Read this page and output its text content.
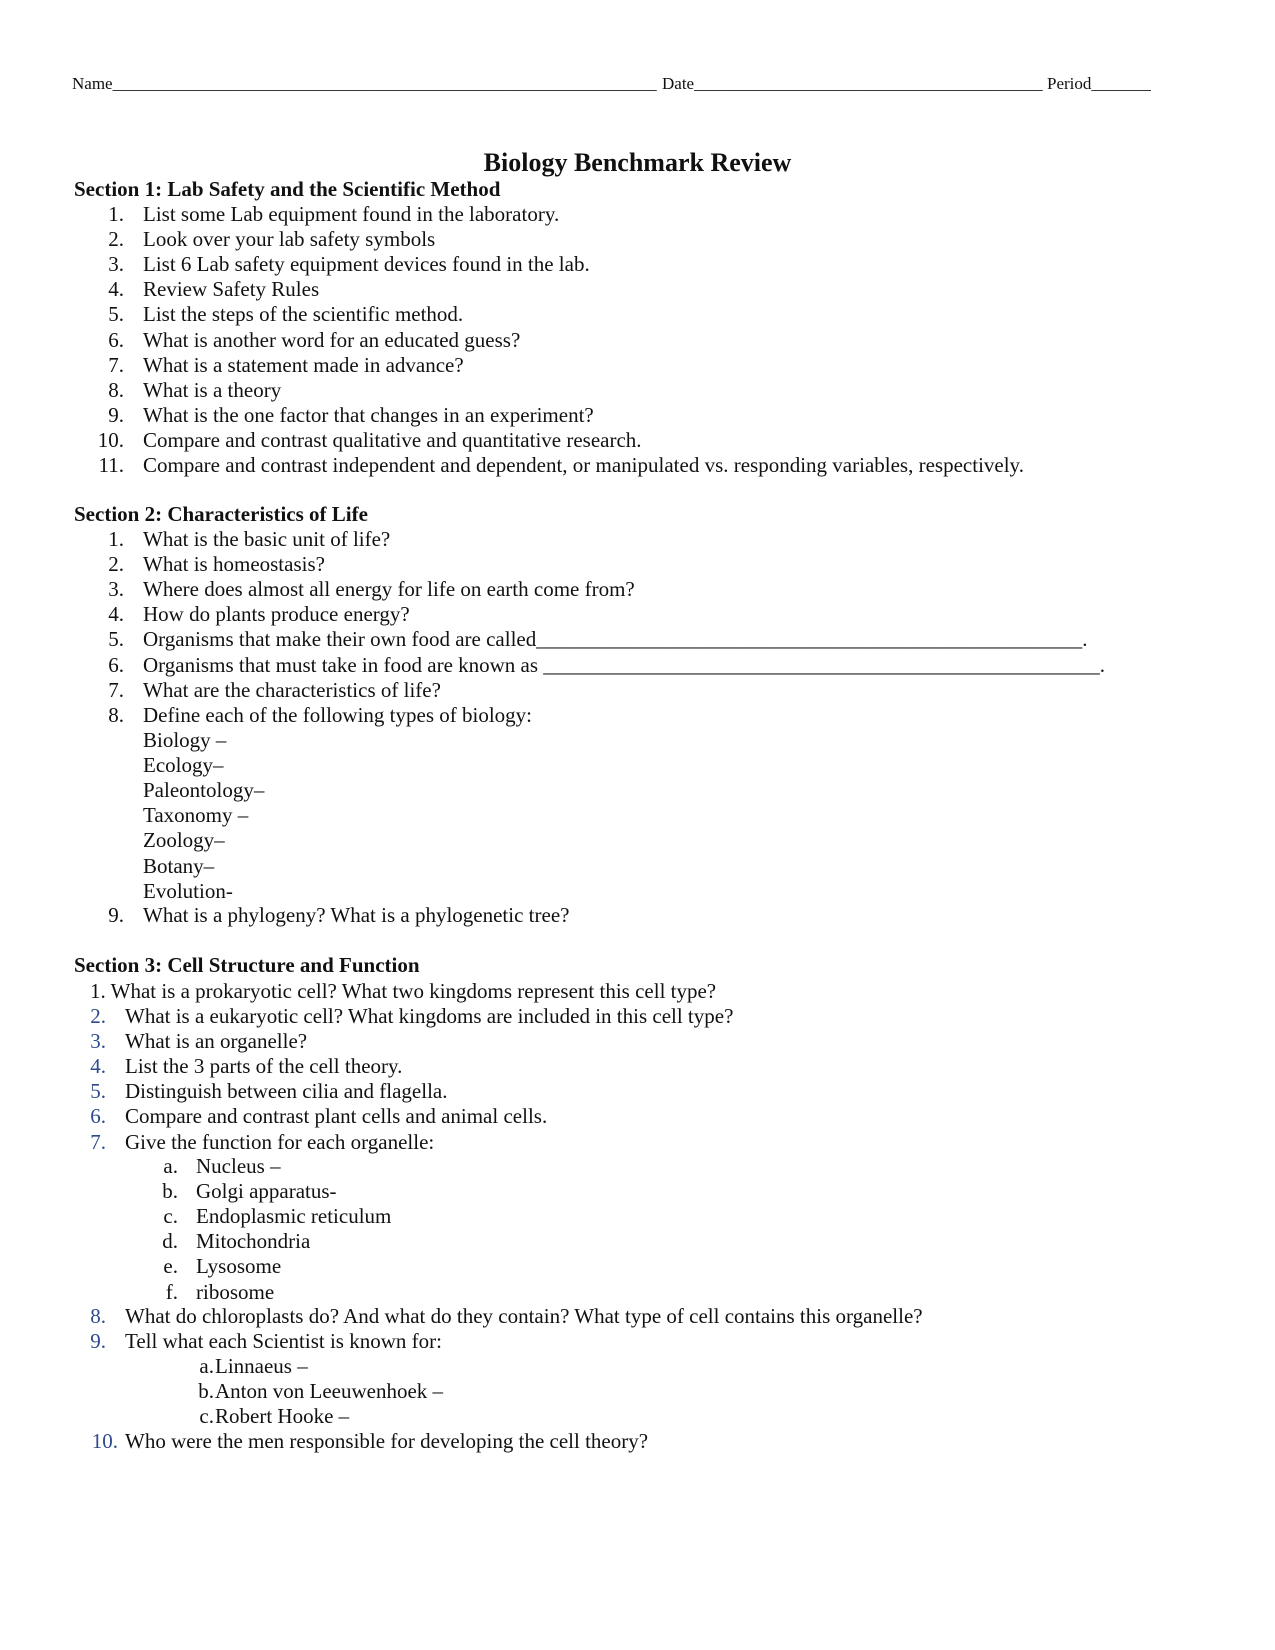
Name________________________________________________________________ Date_________________________________________ Period_______
Biology Benchmark Review
Section 1: Lab Safety and the Scientific Method
1. List some Lab equipment found in the laboratory.
2. Look over your lab safety symbols
3. List 6 Lab safety equipment devices found in the lab.
4. Review Safety Rules
5. List the steps of the scientific method.
6. What is another word for an educated guess?
7. What is a statement made in advance?
8. What is a theory
9. What is the one factor that changes in an experiment?
10. Compare and contrast qualitative and quantitative research.
11. Compare and contrast independent and dependent, or manipulated vs. responding variables, respectively.
Section 2: Characteristics of Life
1. What is the basic unit of life?
2. What is homeostasis?
3. Where does almost all energy for life on earth come from?
4. How do plants produce energy?
5. Organisms that make their own food are called____________________________________________________.
6. Organisms that must take in food are known as _____________________________________________________.
7. What are the characteristics of life?
8. Define each of the following types of biology:
Biology –
Ecology–
Paleontology–
Taxonomy –
Zoology–
Botany–
Evolution-
9. What is a phylogeny? What is a phylogenetic tree?
Section 3: Cell Structure and Function
1. What is a prokaryotic cell? What two kingdoms represent this cell type?
2. What is a eukaryotic cell? What kingdoms are included in this cell type?
3. What is an organelle?
4. List the 3 parts of the cell theory.
5. Distinguish between cilia and flagella.
6. Compare and contrast plant cells and animal cells.
7. Give the function for each organelle:
a. Nucleus –
b. Golgi apparatus-
c. Endoplasmic reticulum
d. Mitochondria
e. Lysosome
f. ribosome
8. What do chloroplasts do? And what do they contain? What type of cell contains this organelle?
9. Tell what each Scientist is known for:
a. Linnaeus –
b. Anton von Leeuwenhoek –
c. Robert Hooke –
10. Who were the men responsible for developing the cell theory?
